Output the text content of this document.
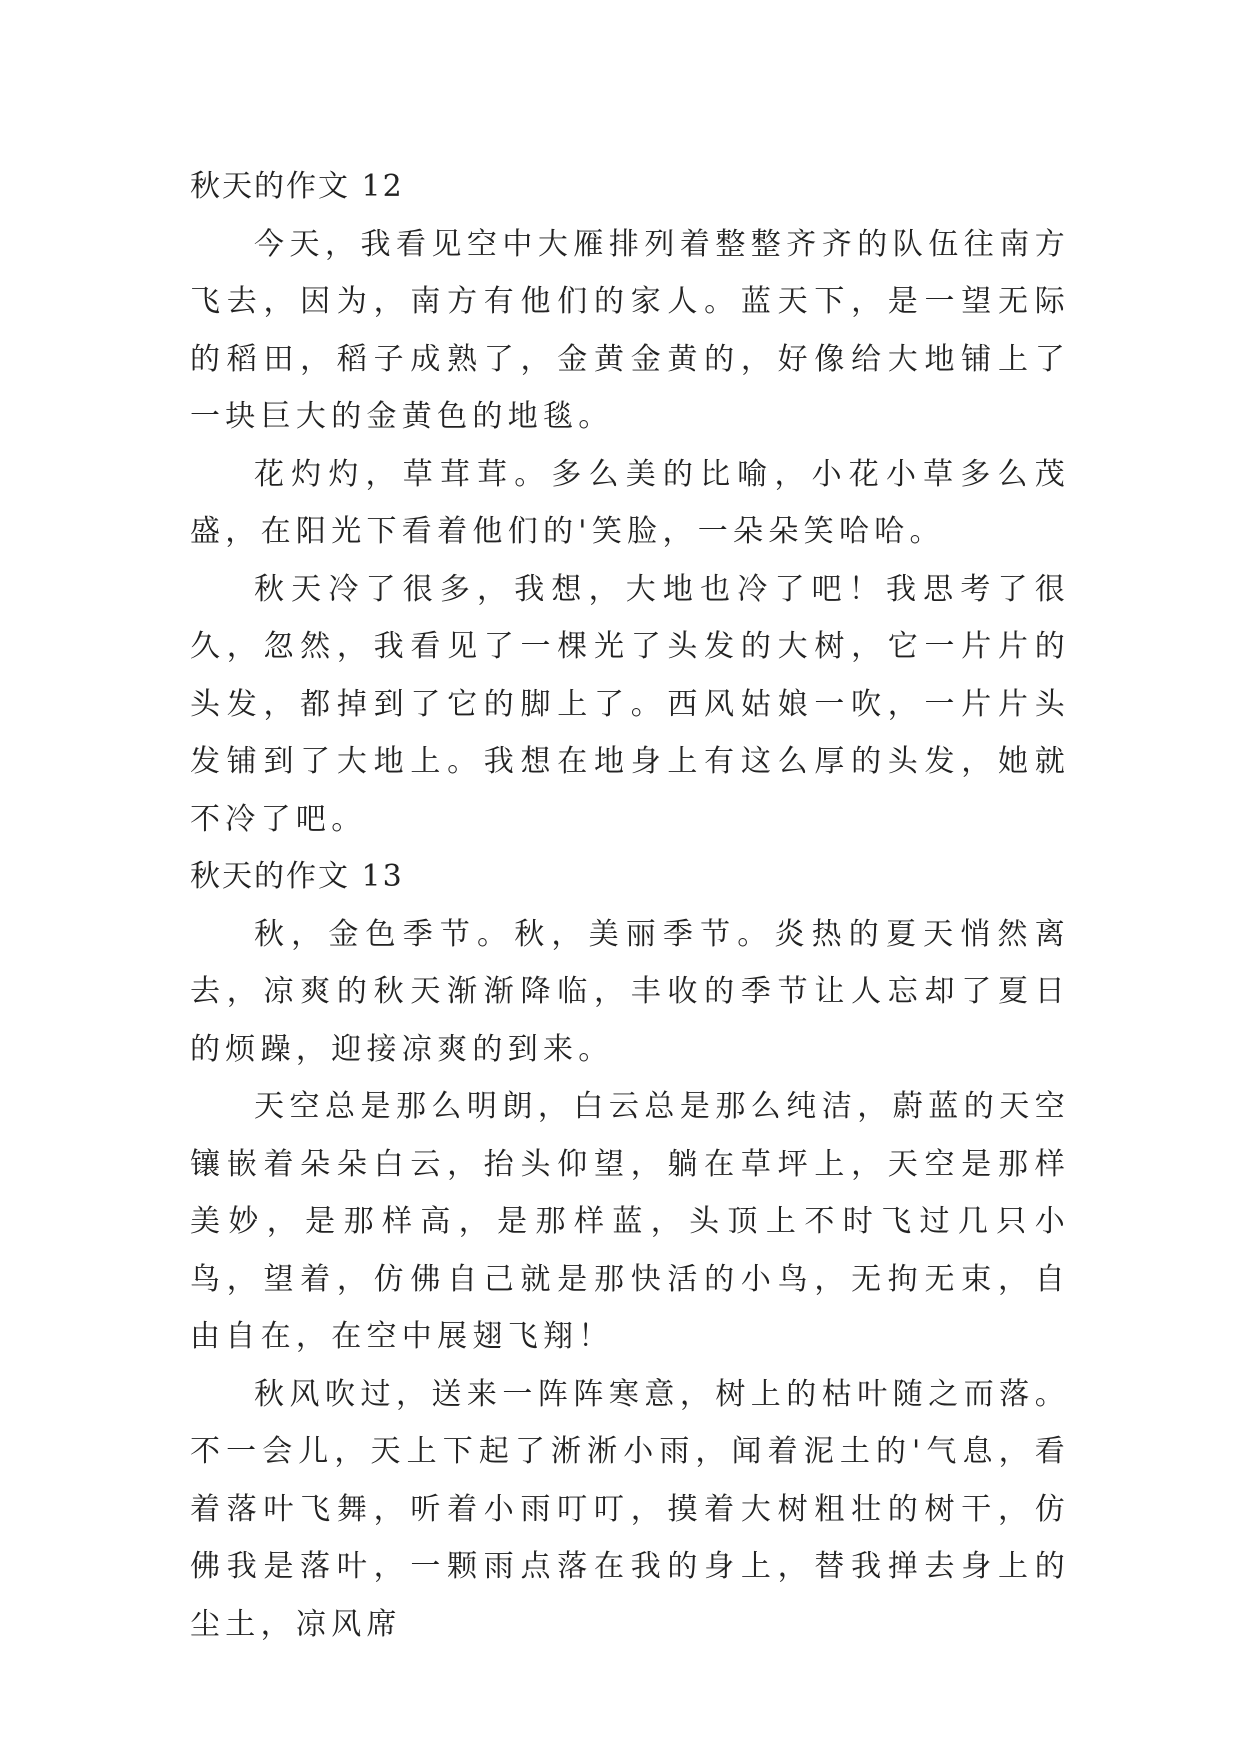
秋天的作文 12

今天，我看见空中大雁排列着整整齐齐的队伍往南方飞去，因为，南方有他们的家人。蓝天下，是一望无际的稻田，稻子成熟了，金黄金黄的，好像给大地铺上了一块巨大的金黄色的地毯。

花灼灼，草茸茸。多么美的比喻，小花小草多么茂盛，在阳光下看着他们的'笑脸，一朵朵笑哈哈。

秋天冷了很多，我想，大地也冷了吧！我思考了很久，忽然，我看见了一棵光了头发的大树，它一片片的头发，都掉到了它的脚上了。西风姑娘一吹，一片片头发铺到了大地上。我想在地身上有这么厚的头发，她就不冷了吧。

秋天的作文 13

秋，金色季节。秋，美丽季节。炎热的夏天悄然离去，凉爽的秋天渐渐降临，丰收的季节让人忘却了夏日的烦躁，迎接凉爽的到来。

天空总是那么明朗，白云总是那么纯洁，蔚蓝的天空镶嵌着朵朵白云，抬头仰望，躺在草坪上，天空是那样美妙，是那样高，是那样蓝，头顶上不时飞过几只小鸟，望着，仿佛自己就是那快活的小鸟，无拘无束，自由自在，在空中展翅飞翔！

秋风吹过，送来一阵阵寒意，树上的枯叶随之而落。不一会儿，天上下起了淅淅小雨，闻着泥土的'气息，看着落叶飞舞，听着小雨叮叮，摸着大树粗壮的树干，仿佛我是落叶，一颗雨点落在我的身上，替我掸去身上的尘土，凉风席
